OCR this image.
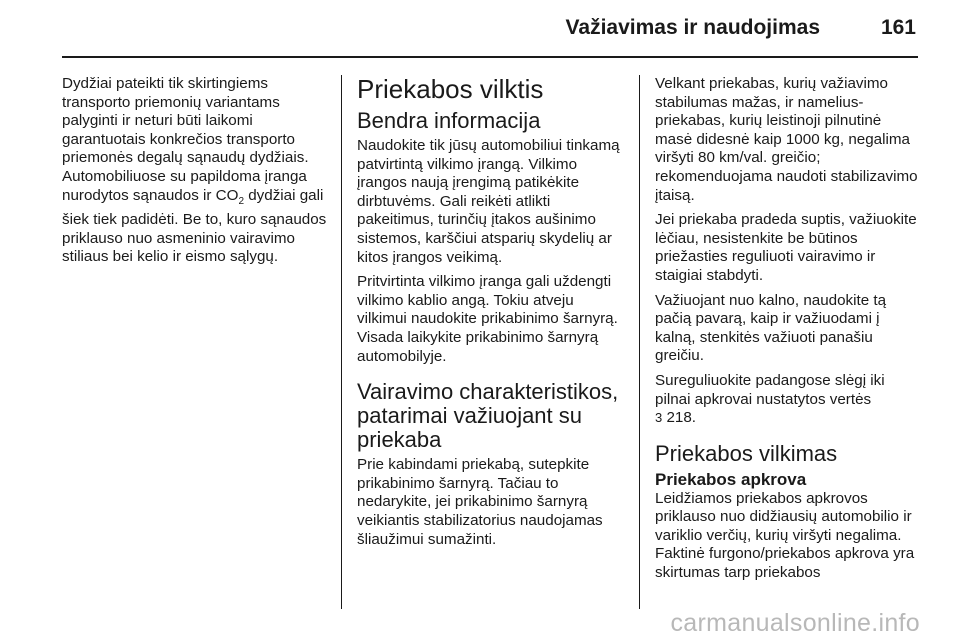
Važiavimas ir naudojimas	161

Dydžiai pateikti tik skirtingiems transporto priemonių variantams palyginti ir neturi būti laikomi garantuotais konkrečios transporto priemonės degalų sąnaudų dydžiais. Automobiliuose su papildoma įranga nurodytos sąnaudos ir $CO_2$ dydžiai gali šiek tiek padidėti. Be to, kuro sąnaudos priklauso nuo asmeninio vairavimo stiliaus bei kelio ir eismo sąlygų.

Priekabos vilktis
Bendra informacija

Naudokite tik jūsų automobiliui tinkamą patvirtintą vilkimo įrangą. Vilkimo įrangos naują įrengimą patikėkite dirbtuvėms. Gali reikėti atlikti pakeitimus, turinčių įtakos aušinimo sistemos, karščiui atsparių skydelių ar kitos įrangos veikimą.

Pritvirtinta vilkimo įranga gali uždengti vilkimo kablio angą. Tokiu atveju vilkimui naudokite prikabinimo šarnyrą. Visada laikykite prikabinimo šarnyrą automobilyje.

Vairavimo charakteristikos, patarimai važiuojant su priekaba

Prie kabindami priekabą, sutepkite prikabinimo šarnyrą. Tačiau to nedarykite, jei prikabinimo šarnyrą veikiantis stabilizatorius naudojamas šliaužimui sumažinti.

Velkant priekabas, kurių važiavimo stabilumas mažas, ir namelius-priekabas, kurių leistinoji pilnutinė masė didesnė kaip 1000 kg, negalima viršyti 80 km/val. greičio; rekomenduojama naudoti stabilizavimo įtaisą.

Jei priekaba pradeda suptis, važiuokite lėčiau, nesistenkite be būtinos priežasties reguliuoti vairavimo ir staigiai stabdyti.

Važiuojant nuo kalno, naudokite tą pačią pavarą, kaip ir važiuodami į kalną, stenkitės važiuoti panašiu greičiu.

Sureguliuokite padangose slėgį iki pilnai apkrovai nustatytos vertės
3 218.

Priekabos vilkimas
Priekabos apkrova

Leidžiamos priekabos apkrovos priklauso nuo didžiausių automobilio ir variklio verčių, kurių viršyti negalima. Faktinė furgono/priekabos apkrova yra skirtumas tarp priekabos

carmanualsonline.info
